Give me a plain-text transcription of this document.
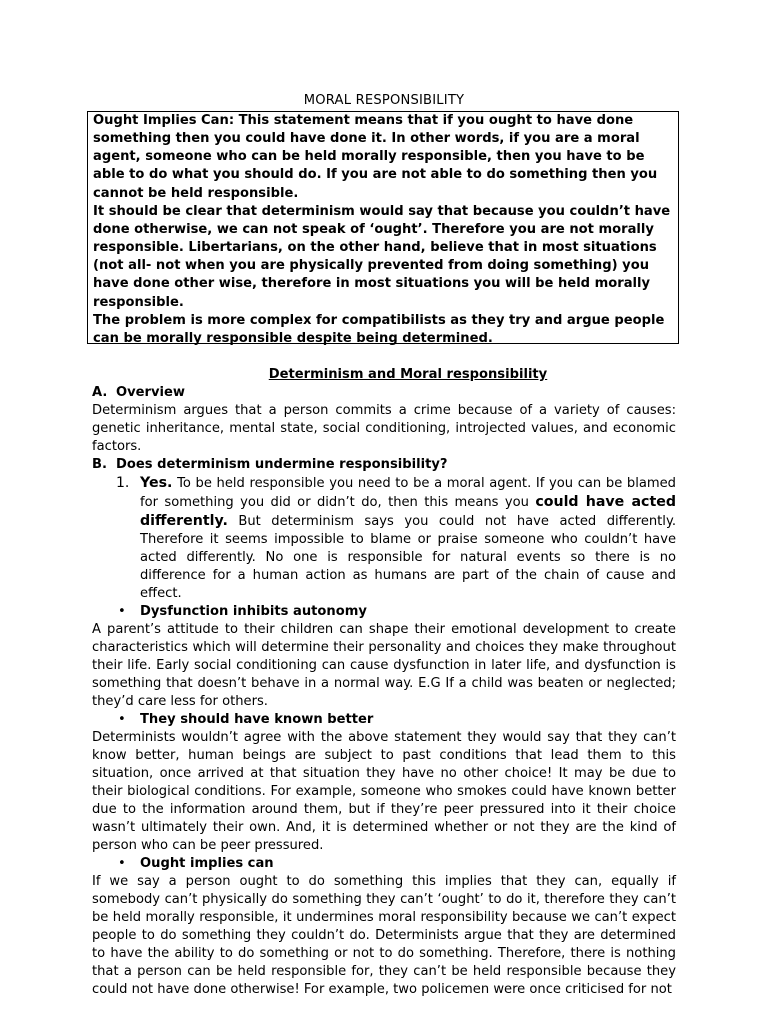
MORAL RESPONSIBILITY

Ought Implies Can: This statement means that if you ought to have done something then you could have done it. In other words, if you are a moral agent, someone who can be held morally responsible, then you have to be able to do what you should do. If you are not able to do something then you cannot be held responsible.

It should be clear that determinism would say that because you couldn’t have done otherwise, we can not speak of ‘ought’. Therefore you are not morally responsible. Libertarians, on the other hand, believe that in most situations (not all- not when you are physically prevented from doing something) you have done other wise, therefore in most situations you will be held morally responsible.

The problem is more complex for compatibilists as they try and argue people can be morally responsible despite being determined.

Determinism and Moral responsibility

A. Overview

Determinism argues that a person commits a crime because of a variety of causes: genetic inheritance, mental state, social conditioning, introjected values, and economic factors.

B. Does determinism undermine responsibility?

1. Yes. To be held responsible you need to be a moral agent. If you can be blamed for something you did or didn’t do, then this means you could have acted differently. But determinism says you could not have acted differently. Therefore it seems impossible to blame or praise someone who couldn’t have acted differently. No one is responsible for natural events so there is no difference for a human action as humans are part of the chain of cause and effect.

• Dysfunction inhibits autonomy

A parent’s attitude to their children can shape their emotional development to create characteristics which will determine their personality and choices they make throughout their life. Early social conditioning can cause dysfunction in later life, and dysfunction is something that doesn’t behave in a normal way. E.G If a child was beaten or neglected; they’d care less for others.

• They should have known better

Determinists wouldn’t agree with the above statement they would say that they can’t know better, human beings are subject to past conditions that lead them to this situation, once arrived at that situation they have no other choice! It may be due to their biological conditions. For example, someone who smokes could have known better due to the information around them, but if they’re peer pressured into it their choice wasn’t ultimately their own. And, it is determined whether or not they are the kind of person who can be peer pressured.

• Ought implies can

If we say a person ought to do something this implies that they can, equally if somebody can’t physically do something they can’t ‘ought’ to do it, therefore they can’t be held morally responsible, it undermines moral responsibility because we can’t expect people to do something they couldn’t do. Determinists argue that they are determined to have the ability to do something or not to do something. Therefore, there is nothing that a person can be held responsible for, they can’t be held responsible because they could not have done otherwise! For example, two policemen were once criticised for not
